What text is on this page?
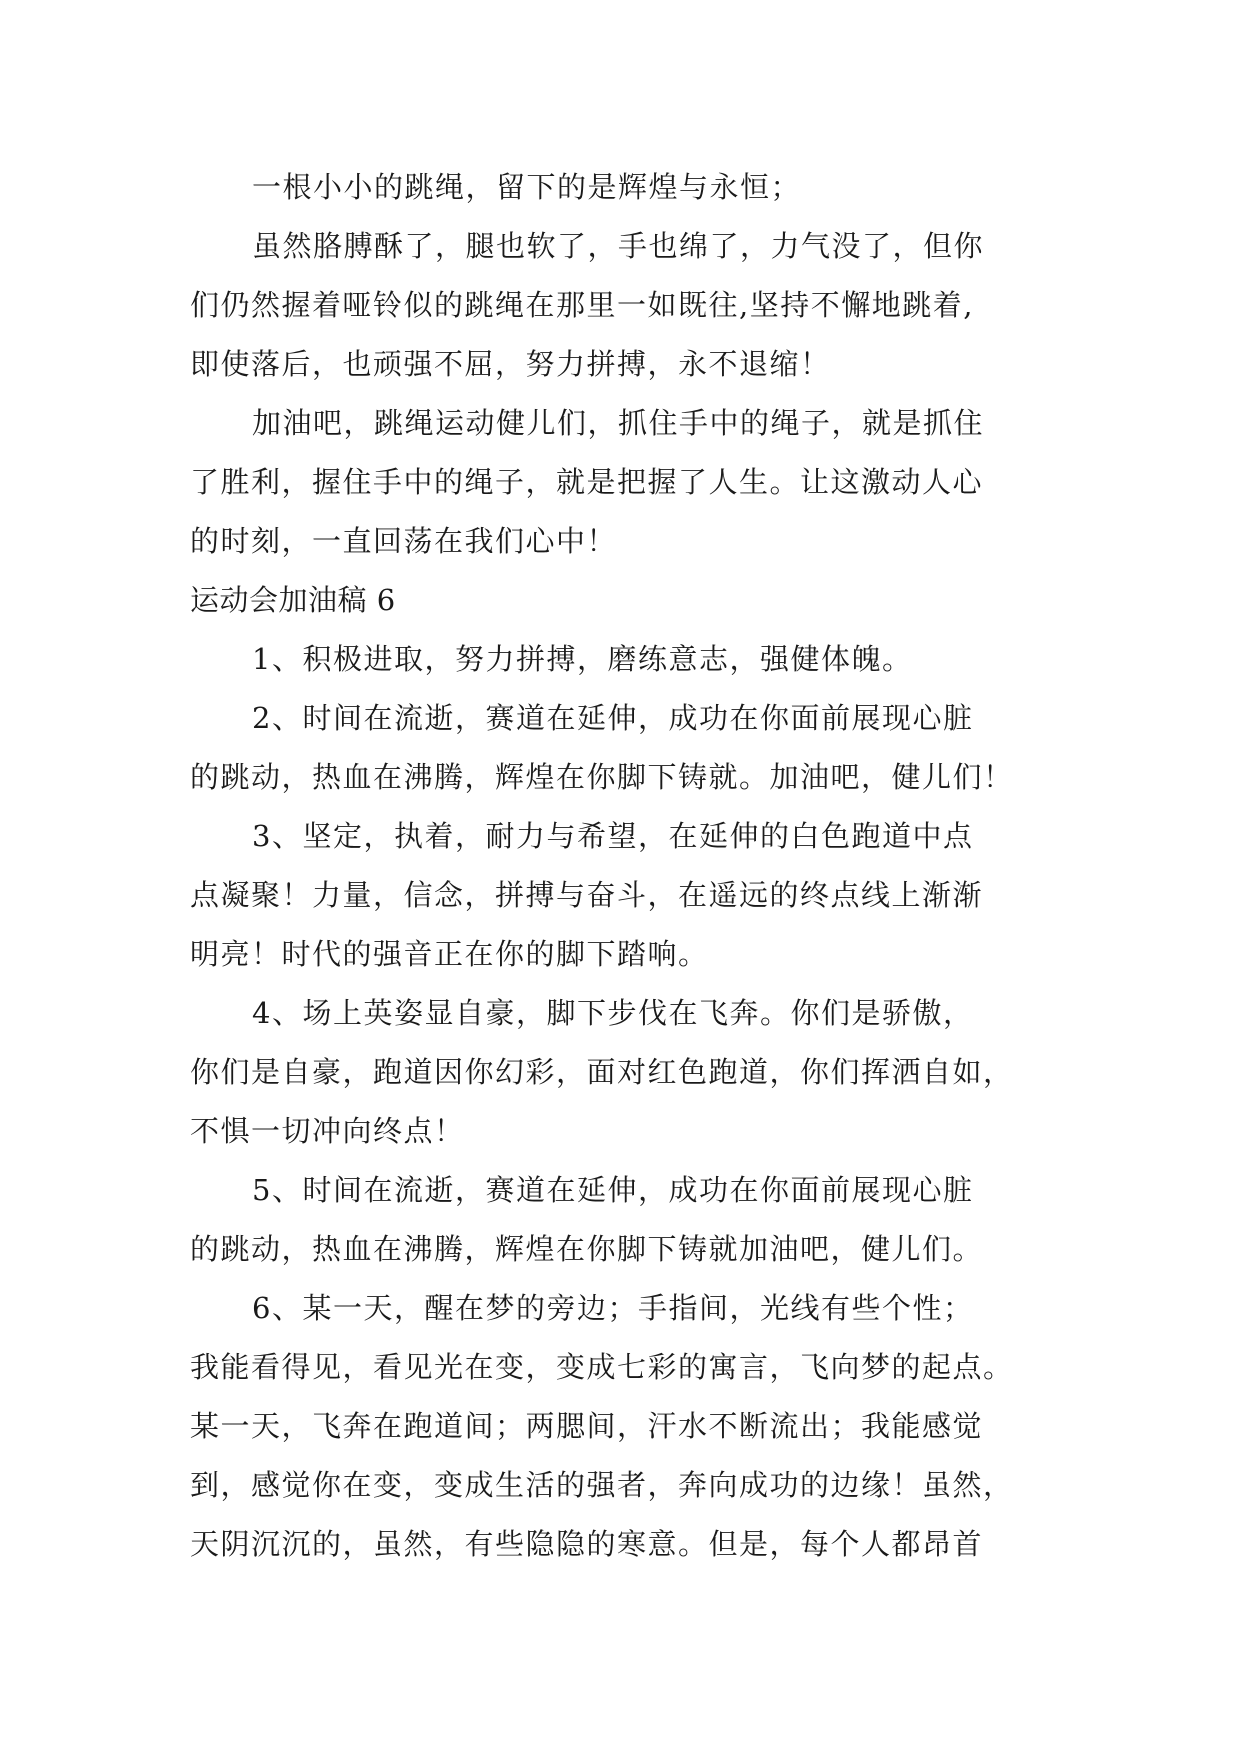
一根小小的跳绳，留下的是辉煌与永恒；
虽然胳膊酥了，腿也软了，手也绵了，力气没了，但你
们仍然握着哑铃似的跳绳在那里一如既往,坚持不懈地跳着,
即使落后，也顽强不屈，努力拼搏，永不退缩！
加油吧，跳绳运动健儿们，抓住手中的绳子，就是抓住
了胜利，握住手中的绳子，就是把握了人生。让这激动人心
的时刻，一直回荡在我们心中！
运动会加油稿 6
1、积极进取，努力拼搏，磨练意志，强健体魄。
2、时间在流逝，赛道在延伸，成功在你面前展现心脏
的跳动，热血在沸腾，辉煌在你脚下铸就。加油吧，健儿们！
3、坚定，执着，耐力与希望，在延伸的白色跑道中点
点凝聚！力量，信念，拼搏与奋斗，在遥远的终点线上渐渐
明亮！时代的强音正在你的脚下踏响。
4、场上英姿显自豪，脚下步伐在飞奔。你们是骄傲，
你们是自豪，跑道因你幻彩，面对红色跑道，你们挥洒自如，
不惧一切冲向终点！
5、时间在流逝，赛道在延伸，成功在你面前展现心脏
的跳动，热血在沸腾，辉煌在你脚下铸就加油吧，健儿们。
6、某一天，醒在梦的旁边；手指间，光线有些个性；
我能看得见，看见光在变，变成七彩的寓言，飞向梦的起点。
某一天，飞奔在跑道间；两腮间，汗水不断流出；我能感觉
到，感觉你在变，变成生活的强者，奔向成功的边缘！虽然，
天阴沉沉的，虽然，有些隐隐的寒意。但是，每个人都昂首
